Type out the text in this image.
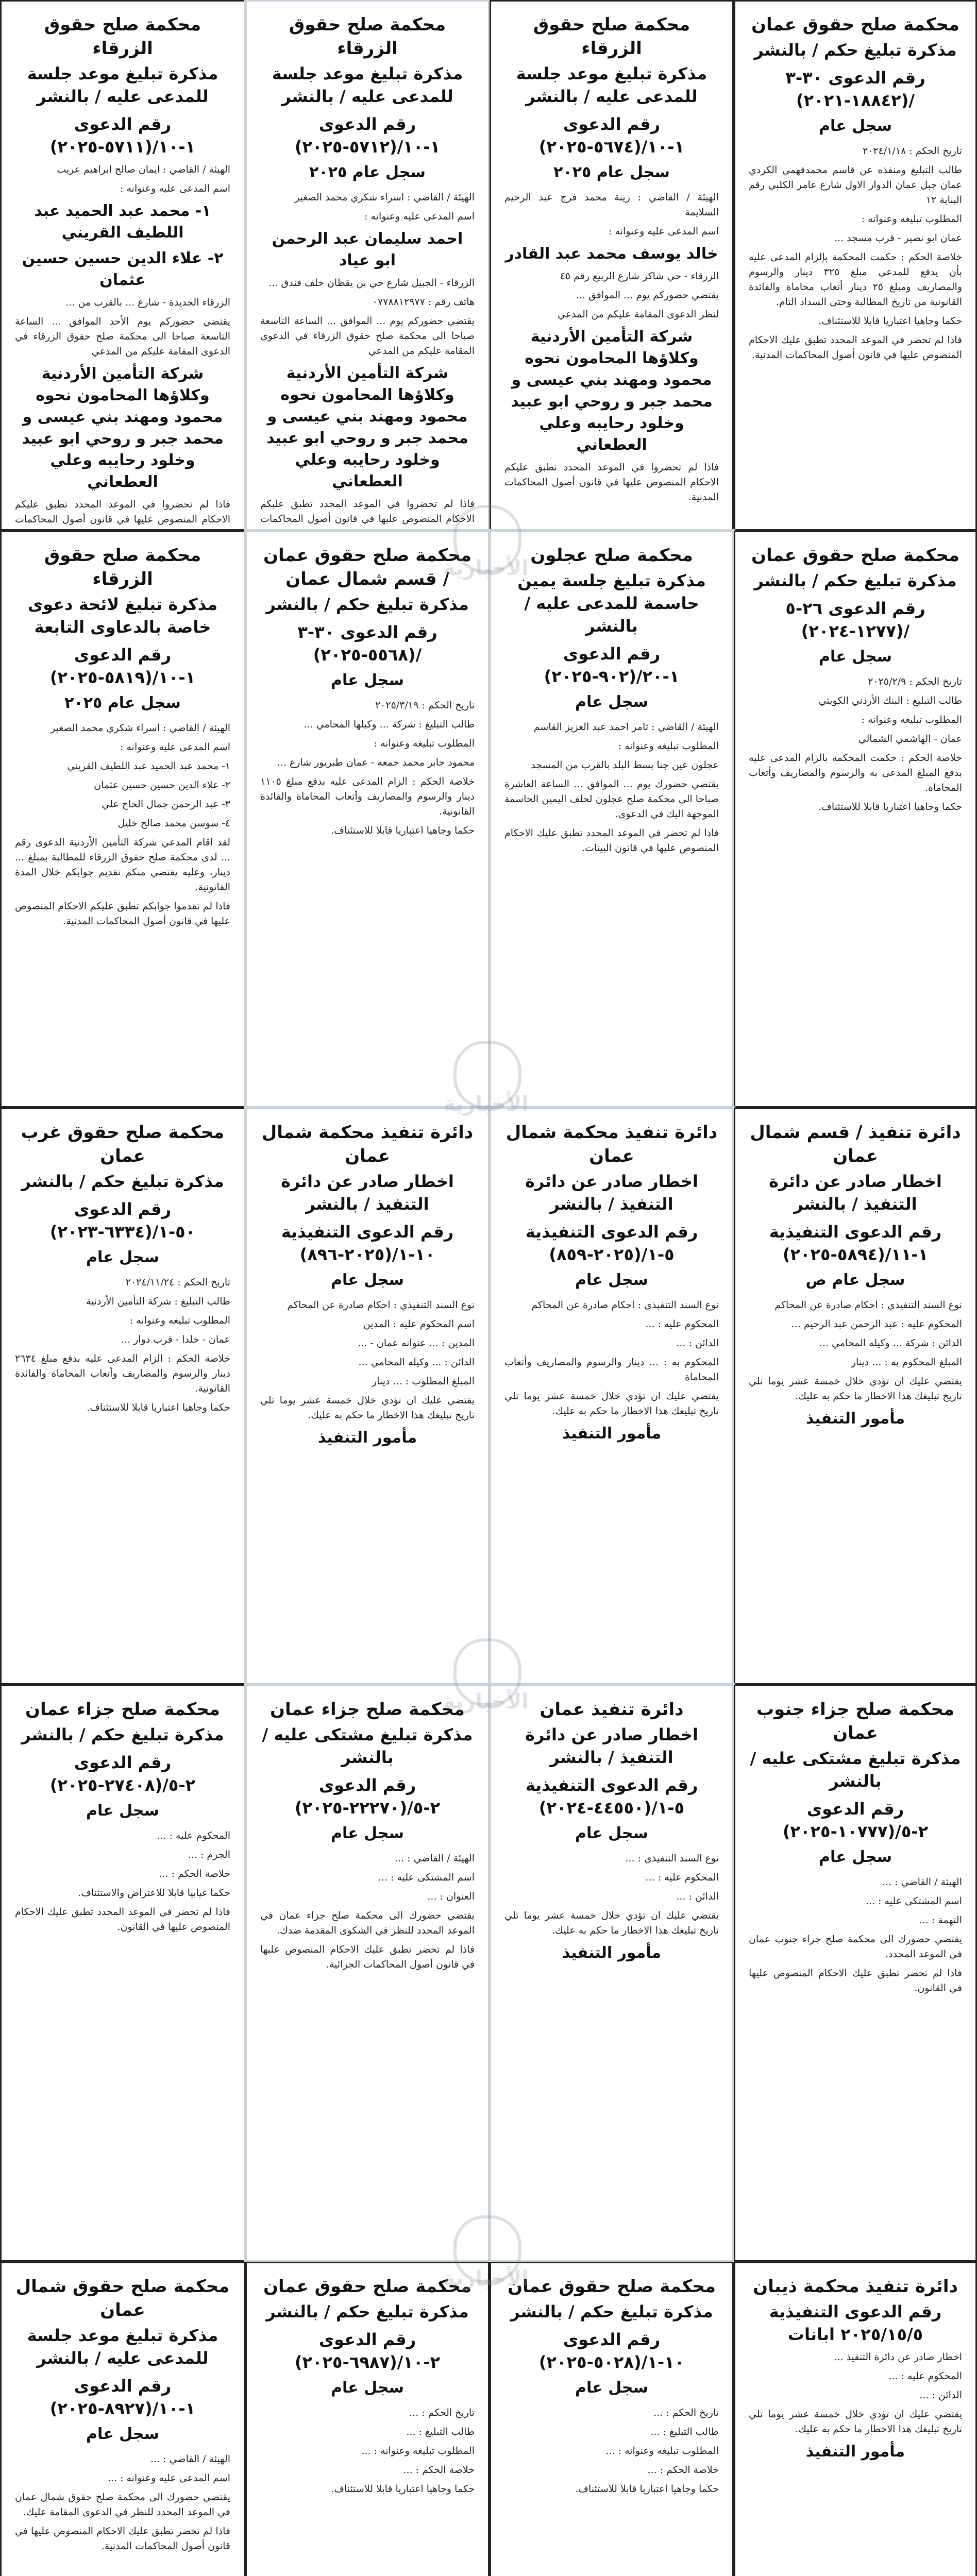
محكمة صلح حقوق الزرقاء
مذكرة تبليغ موعد جلسة للمدعى عليه / بالنشر
رقم الدعوى ١-١٠/(٥٧١١-٢٠٢٥)

الهيئة / القاضي : ايمان صالح ابراهيم عريب

اسم المدعى عليه وعنوانه :

١- محمد عبد الحميد عبد اللطيف القريني

٢- علاء الدين حسين حسين عثمان

الزرقاء الجديدة - شارع ... بالقرب من ...

يقتضي حضوركم يوم الأحد الموافق ... الساعة التاسعة صباحا الى محكمة صلح حقوق الزرقاء في الدعوى المقامة عليكم من المدعي

شركة التأمين الأردنية وكلاؤها المحامون نحوه محمود ومهند بني عيسى و محمد جبر و روحي ابو عبيد وخلود رحايبه وعلي العطعاني

فاذا لم تحضروا في الموعد المحدد تطبق عليكم الاحكام المنصوص عليها في قانون أصول المحاكمات

محكمة صلح حقوق الزرقاء
مذكرة تبليغ موعد جلسة للمدعى عليه / بالنشر
رقم الدعوى ١-١٠/(٥٧١٢-٢٠٢٥)
سجل عام ٢٠٢٥

الهيئة / القاضي : اسراء شكري محمد الصغير

اسم المدعى عليه وعنوانه :

احمد سليمان عبد الرحمن ابو عياد

الزرقاء - الجبيل شارع حي بن يقظان خلف فندق ...

هاتف رقم : ٠٧٧٨٨١٢٩٧٧

يقتضي حضوركم يوم ... الموافق ... الساعة التاسعة صباحا الى محكمة صلح حقوق الزرقاء في الدعوى المقامة عليكم من المدعي

شركة التأمين الأردنية وكلاؤها المحامون نحوه محمود ومهند بني عيسى و محمد جبر و روحي ابو عبيد وخلود رحايبه وعلي العطعاني

فاذا لم تحضروا في الموعد المحدد تطبق عليكم الاحكام المنصوص عليها في قانون أصول المحاكمات

محكمة صلح حقوق الزرقاء
مذكرة تبليغ موعد جلسة للمدعى عليه / بالنشر
رقم الدعوى ١-١٠/(٥٦٧٤-٢٠٢٥)
سجل عام ٢٠٢٥

الهيئة / القاضي : زينة محمد فرج عبد الرحيم السلايمة

اسم المدعى عليه وعنوانه :

خالد يوسف محمد عبد القادر

الزرقاء - حي شاكر شارع الربيع رقم ٤٥

يقتضي حضوركم يوم ... الموافق ...

لنظر الدعوى المقامة عليكم من المدعي

شركة التأمين الأردنية وكلاؤها المحامون نحوه محمود ومهند بني عيسى و محمد جبر و روحي ابو عبيد وخلود رحايبه وعلي العطعاني

فاذا لم تحضروا في الموعد المحدد تطبق عليكم الاحكام المنصوص عليها في قانون أصول المحاكمات المدنية.

محكمة صلح حقوق عمان
مذكرة تبليغ حكم / بالنشر
رقم الدعوى ٣٠-٣ /(١٨٨٤٢-٢٠٢١)
سجل عام

تاريخ الحكم : ٢٠٢٤/١/١٨

طالب التبليغ ومنفذه عن قاسم محمدفهمي الكردي عمان جبل عمان الدوار الاول شارع عامر الكلبي رقم البناية ١٢

المطلوب تبليغه وعنوانه :

عمان ابو نصير - قرب مسجد ...

خلاصة الحكم : حكمت المحكمة بإلزام المدعى عليه بأن يدفع للمدعي مبلغ ٣٢٥ دينار والرسوم والمصاريف ومبلغ ٢٥ دينار أتعاب محاماة والفائدة القانونية من تاريخ المطالبة وحتى السداد التام.

حكما وجاهيا اعتباريا قابلا للاستئناف.

فاذا لم تحضر في الموعد المحدد تطبق عليك الاحكام المنصوص عليها في قانون أصول المحاكمات المدنية.

محكمة صلح حقوق الزرقاء
مذكرة تبليغ لائحة دعوى خاصة بالدعاوى التابعة
رقم الدعوى ١-١٠/(٥٨١٩-٢٠٢٥)
سجل عام ٢٠٢٥

الهيئة / القاضي : اسراء شكري محمد الصغير

اسم المدعى عليه وعنوانه :

١- محمد عبد الحميد عبد اللطيف القريني

٢- علاء الدين حسين حسين عثمان

٣- عبد الرحمن جمال الحاج علي

٤- سوسن محمد صالح خليل

لقد اقام المدعي شركة التأمين الأردنية الدعوى رقم ... لدى محكمة صلح حقوق الزرقاء للمطالبة بمبلغ ... دينار، وعليه يقتضي منكم تقديم جوابكم خلال المدة القانونية.

فاذا لم تقدموا جوابكم تطبق عليكم الاحكام المنصوص عليها في قانون أصول المحاكمات المدنية.

محكمة صلح حقوق عمان / قسم شمال عمان
مذكرة تبليغ حكم / بالنشر
رقم الدعوى ٣٠-٣ /(٥٥٦٨-٢٠٢٥)
سجل عام

تاريخ الحكم : ٢٠٢٥/٣/١٩

طالب التبليغ : شركة ... وكيلها المحامي ...

المطلوب تبليغه وعنوانه :

محمود جابر محمد جمعه - عمان طبربور شارع ...

خلاصة الحكم : الزام المدعى عليه بدفع مبلغ ١١٠٥ دينار والرسوم والمصاريف وأتعاب المحاماة والفائدة القانونية.

حكما وجاهيا اعتباريا قابلا للاستئناف.

محكمة صلح عجلون
مذكرة تبليغ جلسة يمين حاسمة للمدعى عليه / بالنشر
رقم الدعوى ١-٢٠/(٩٠٢-٢٠٢٥)
سجل عام

الهيئة / القاضي : ثامر احمد عبد العزيز القاسم

المطلوب تبليغه وعنوانه :

عجلون عين جنا بسط البلد بالقرب من المسجد

يقتضي حضورك يوم ... الموافق ... الساعة العاشرة صباحا الى محكمة صلح عجلون لحلف اليمين الحاسمة الموجهة اليك في الدعوى.

فاذا لم تحضر في الموعد المحدد تطبق عليك الاحكام المنصوص عليها في قانون البينات.

محكمة صلح حقوق عمان
مذكرة تبليغ حكم / بالنشر
رقم الدعوى ٢٦-٥ /(١٢٧٧-٢٠٢٤)
سجل عام

تاريخ الحكم : ٢٠٢٥/٢/٩

طالب التبليغ : البنك الأردني الكويتي

المطلوب تبليغه وعنوانه :

عمان - الهاشمي الشمالي

خلاصة الحكم : حكمت المحكمة بالزام المدعى عليه بدفع المبلغ المدعى به والرسوم والمصاريف وأتعاب المحاماة.

حكما وجاهيا اعتباريا قابلا للاستئناف.

محكمة صلح حقوق غرب عمان
مذكرة تبليغ حكم / بالنشر
رقم الدعوى ٥٠-١/(٦٣٣٤-٢٠٢٣)
سجل عام

تاريخ الحكم : ٢٠٢٤/١١/٢٤

طالب التبليغ : شركة التأمين الأردنية

المطلوب تبليغه وعنوانه :

عمان - خلدا - قرب دوار ...

خلاصة الحكم : الزام المدعى عليه بدفع مبلغ ٢٦٣٤ دينار والرسوم والمصاريف وأتعاب المحاماة والفائدة القانونية.

حكما وجاهيا اعتباريا قابلا للاستئناف.

دائرة تنفيذ محكمة شمال عمان
اخطار صادر عن دائرة التنفيذ / بالنشر
رقم الدعوى التنفيذية ١٠-١/(٢٠٢٥-٨٩٦)
سجل عام

نوع السند التنفيذي : احكام صادرة عن المحاكم

اسم المحكوم عليه : المدين

المدين : ... عنوانه عمان - ...

الدائن : ... وكيله المحامي ...

المبلغ المطلوب : ... دينار

يقتضي عليك ان تؤدي خلال خمسة عشر يوما تلي تاريخ تبليغك هذا الاخطار ما حكم به عليك.

مأمور التنفيذ

دائرة تنفيذ محكمة شمال عمان
اخطار صادر عن دائرة التنفيذ / بالنشر
رقم الدعوى التنفيذية ٥-١/(٢٠٢٥-٨٥٩)
سجل عام

نوع السند التنفيذي : احكام صادرة عن المحاكم

المحكوم عليه : ...

الدائن : ...

المحكوم به : ... دينار والرسوم والمصاريف وأتعاب المحاماة

يقتضي عليك ان تؤدي خلال خمسة عشر يوما تلي تاريخ تبليغك هذا الاخطار ما حكم به عليك.

مأمور التنفيذ

دائرة تنفيذ / قسم شمال عمان
اخطار صادر عن دائرة التنفيذ / بالنشر
رقم الدعوى التنفيذية ١-١١/(٥٨٩٤-٢٠٢٥)
سجل عام ص

نوع السند التنفيذي : احكام صادرة عن المحاكم

المحكوم عليه : عبد الرحمن عبد الرحيم ...

الدائن : شركة ... وكيله المحامي ...

المبلغ المحكوم به : ... دينار

يقتضي عليك ان تؤدي خلال خمسة عشر يوما تلي تاريخ تبليغك هذا الاخطار ما حكم به عليك.

مأمور التنفيذ

محكمة صلح جزاء عمان
مذكرة تبليغ حكم / بالنشر
رقم الدعوى ٢-٥/(٢٧٤٠٨-٢٠٢٥)
سجل عام

المحكوم عليه : ...

الجرم : ...

خلاصة الحكم : ...

حكما غيابيا قابلا للاعتراض والاستئناف.

فاذا لم تحضر في الموعد المحدد تطبق عليك الاحكام المنصوص عليها في القانون.

محكمة صلح جزاء عمان
مذكرة تبليغ مشتكى عليه / بالنشر
رقم الدعوى ٢-٥/(٢٢٢٧٠-٢٠٢٥)
سجل عام

الهيئة / القاضي : ...

اسم المشتكى عليه : ...

العنوان : ...

يقتضي حضورك الى محكمة صلح جزاء عمان في الموعد المحدد للنظر في الشكوى المقدمة ضدك.

فاذا لم تحضر تطبق عليك الاحكام المنصوص عليها في قانون أصول المحاكمات الجزائية.

دائرة تنفيذ عمان
اخطار صادر عن دائرة التنفيذ / بالنشر
رقم الدعوى التنفيذية ٥-١/(٤٤٥٥٠-٢٠٢٤)
سجل عام

نوع السند التنفيذي : ...

المحكوم عليه : ...

الدائن : ...

يقتضي عليك ان تؤدي خلال خمسة عشر يوما تلي تاريخ تبليغك هذا الاخطار ما حكم به عليك.

مأمور التنفيذ

محكمة صلح جزاء جنوب عمان
مذكرة تبليغ مشتكى عليه / بالنشر
رقم الدعوى ٢-٥/(١٠٧٧٧-٢٠٢٥)
سجل عام

الهيئة / القاضي : ...

اسم المشتكى عليه : ...

التهمة : ...

يقتضي حضورك الى محكمة صلح جزاء جنوب عمان في الموعد المحدد.

فاذا لم تحضر تطبق عليك الاحكام المنصوص عليها في القانون.

محكمة صلح حقوق شمال عمان
مذكرة تبليغ موعد جلسة للمدعى عليه / بالنشر
رقم الدعوى ١-١٠/(٨٩٢٧-٢٠٢٥)
سجل عام

الهيئة / القاضي : ...

اسم المدعى عليه وعنوانه : ...

يقتضي حضورك الى محكمة صلح حقوق شمال عمان في الموعد المحدد للنظر في الدعوى المقامة عليك.

فاذا لم تحضر تطبق عليك الاحكام المنصوص عليها في قانون أصول المحاكمات المدنية.

محكمة صلح حقوق عمان
مذكرة تبليغ حكم / بالنشر
رقم الدعوى ٢-١٠/(٦٩٨٧-٢٠٢٥)
سجل عام

تاريخ الحكم : ...

طالب التبليغ : ...

المطلوب تبليغه وعنوانه : ...

خلاصة الحكم : ...

حكما وجاهيا اعتباريا قابلا للاستئناف.

محكمة صلح حقوق عمان
مذكرة تبليغ حكم / بالنشر
رقم الدعوى ١٠-١/(٥٠٢٨-٢٠٢٥)
سجل عام

تاريخ الحكم : ...

طالب التبليغ : ...

المطلوب تبليغه وعنوانه : ...

خلاصة الحكم : ...

حكما وجاهيا اعتباريا قابلا للاستئناف.

دائرة تنفيذ محكمة ذيبان
رقم الدعوى التنفيذية ٢٠٢٥/١٥/٥ ابانات

اخطار صادر عن دائرة التنفيذ ...

المحكوم عليه : ...

الدائن : ...

يقتضي عليك ان تؤدي خلال خمسة عشر يوما تلي تاريخ تبليغك هذا الاخطار ما حكم به عليك.

مأمور التنفيذ

الأخبارية
الأخبارية
الأخبارية
الأخبارية
